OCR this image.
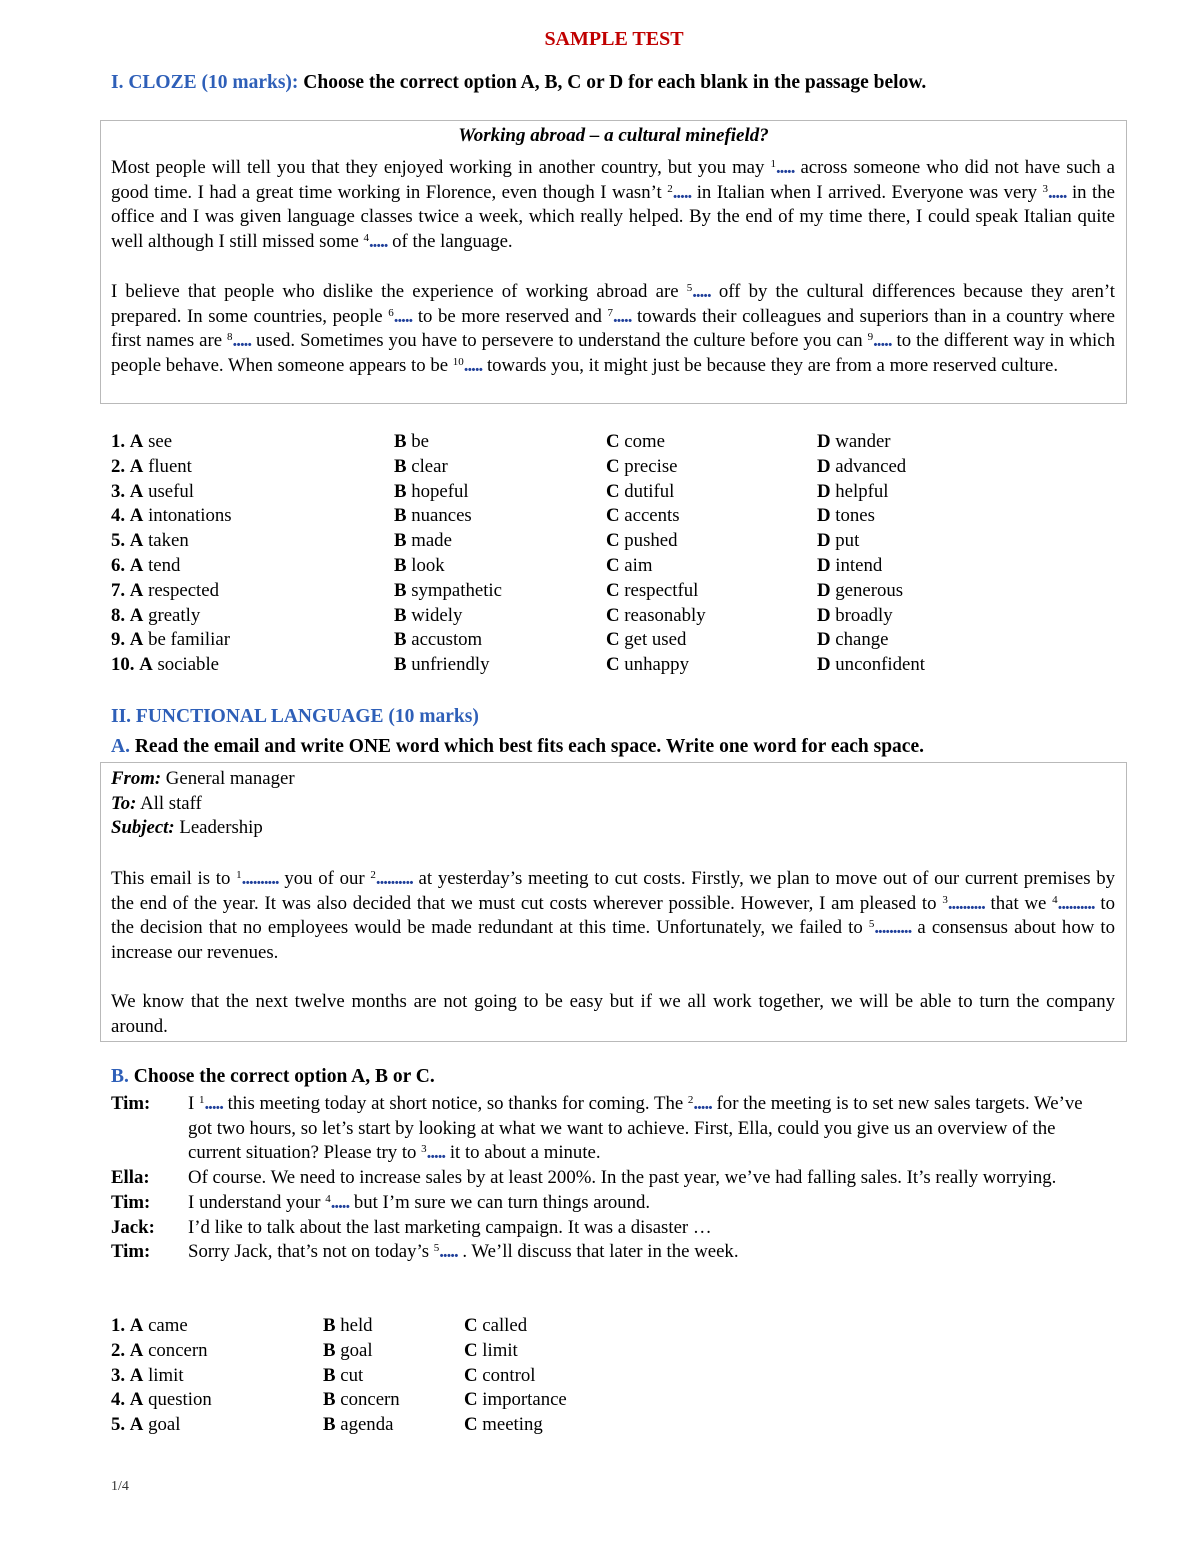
SAMPLE TEST
I. CLOZE (10 marks): Choose the correct option A, B, C or D for each blank in the passage below.
Working abroad – a cultural minefield?
Most people will tell you that they enjoyed working in another country, but you may $^1$..... across someone who did not have such a good time. I had a great time working in Florence, even though I wasn’t $^2$..... in Italian when I arrived. Everyone was very $^3$..... in the office and I was given language classes twice a week, which really helped. By the end of my time there, I could speak Italian quite well although I still missed some $^4$..... of the language.
I believe that people who dislike the experience of working abroad are $^5$..... off by the cultural differences because they aren’t prepared. In some countries, people $^6$..... to be more reserved and $^7$..... towards their colleagues and superiors than in a country where first names are $^8$..... used. Sometimes you have to persevere to understand the culture before you can $^9$..... to the different way in which people behave. When someone appears to be $^{10}$..... towards you, it might just be because they are from a more reserved culture.
1. A see	B be	C come	D wander
2. A fluent	B clear	C precise	D advanced
3. A useful	B hopeful	C dutiful	D helpful
4. A intonations	B nuances	C accents	D tones
5. A taken	B made	C pushed	D put
6. A tend	B look	C aim	D intend
7. A respected	B sympathetic	C respectful	D generous
8. A greatly	B widely	C reasonably	D broadly
9. A be familiar	B accustom	C get used	D change
10. A sociable	B unfriendly	C unhappy	D unconfident
II. FUNCTIONAL LANGUAGE (10 marks)
A. Read the email and write ONE word which best fits each space. Write one word for each space.
From: General manager
To: All staff
Subject: Leadership
This email is to $^1$.......... you of our $^2$.......... at yesterday’s meeting to cut costs. Firstly, we plan to move out of our current premises by the end of the year. It was also decided that we must cut costs wherever possible. However, I am pleased to $^3$.......... that we $^4$.......... to the decision that no employees would be made redundant at this time. Unfortunately, we failed to $^5$.......... a consensus about how to increase our revenues.
We know that the next twelve months are not going to be easy but if we all work together, we will be able to turn the company around.
B. Choose the correct option A, B or C.
Tim:	I $^1$..... this meeting today at short notice, so thanks for coming. The $^2$..... for the meeting is to set new sales targets. We’ve got two hours, so let’s start by looking at what we want to achieve. First, Ella, could you give us an overview of the current situation? Please try to $^3$..... it to about a minute.
Ella:	Of course. We need to increase sales by at least 200%. In the past year, we’ve had falling sales. It’s really worrying.
Tim:	I understand your $^4$..... but I’m sure we can turn things around.
Jack:	I’d like to talk about the last marketing campaign. It was a disaster …
Tim:	Sorry Jack, that’s not on today’s $^5$..... . We’ll discuss that later in the week.
1. A came	B held	C called
2. A concern	B goal	C limit
3. A limit	B cut	C control
4. A question	B concern	C importance
5. A goal	B agenda	C meeting
1/4
